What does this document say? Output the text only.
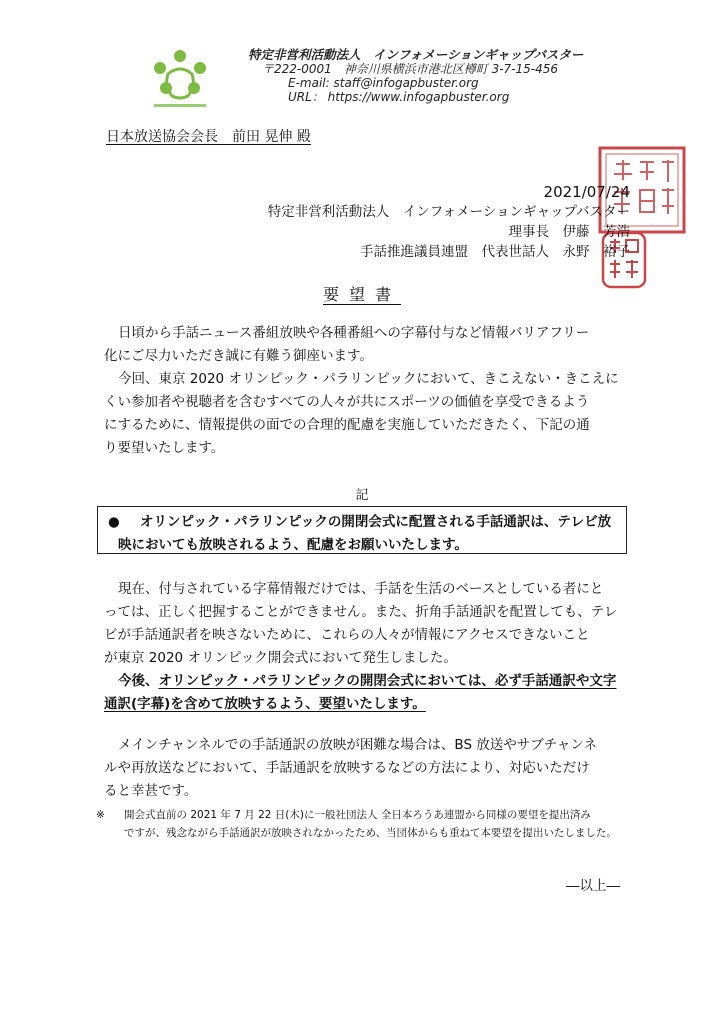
特定非営利活動法人　インフォメーションギャップバスター
〒222-0001　神奈川県横浜市港北区樽町 3-7-15-456
E-mail: staff@infogapbuster.org
URL： https://www.infogapbuster.org
日本放送協会会長　前田 晃伸 殿
2021/07/24
特定非営利活動法人　インフォメーションギャップバスター
理事長　伊藤　芳浩
手話推進議員連盟　代表世話人　永野　裕子
要望書
日頃から手話ニュース番組放映や各種番組への字幕付与など情報バリアフリー
化にご尽力いただき誠に有難う御座います。
今回、東京 2020 オリンピック・パラリンピックにおいて、きこえない・きこえに
くい参加者や視聴者を含むすべての人々が共にスポーツの価値を享受できるよう
にするために、情報提供の面での合理的配慮を実施していただきたく、下記の通
り要望いたします。
記
● オリンピック・パラリンピックの開閉会式に配置される手話通訳は、テレビ放
映においても放映されるよう、配慮をお願いいたします。
現在、付与されている字幕情報だけでは、手話を生活のベースとしている者にと
っては、正しく把握することができません。また、折角手話通訳を配置しても、テレ
ビが手話通訳者を映さないために、これらの人々が情報にアクセスできないこと
が東京 2020 オリンピック開会式において発生しました。
今後、オリンピック・パラリンピックの開閉会式においては、必ず手話通訳や文字
通訳(字幕)を含めて放映するよう、要望いたします。
メインチャンネルでの手話通訳の放映が困難な場合は、BS 放送やサブチャンネ
ルや再放送などにおいて、手話通訳を放映するなどの方法により、対応いただけ
ると幸甚です。
※ 開会式直前の 2021 年 7 月 22 日(木)に一般社団法人 全日本ろうあ連盟から同様の要望を提出済み
ですが、残念ながら手話通訳が放映されなかったため、当団体からも重ねて本要望を提出いたしました。
―以上―
